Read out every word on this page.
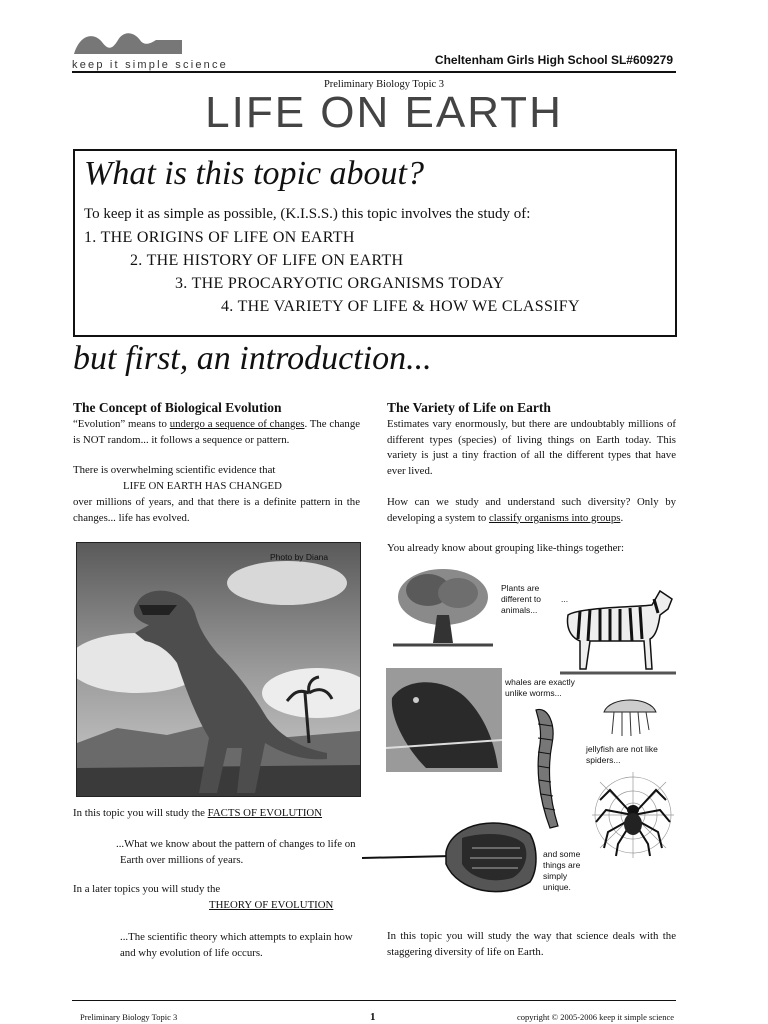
keep it simple science	Cheltenham Girls High School SL#609279
Preliminary Biology Topic 3
LIFE ON EARTH
What is this topic about?
To keep it as simple as possible, (K.I.S.S.) this topic involves the study of:
1. THE ORIGINS OF LIFE ON EARTH
2. THE HISTORY OF LIFE ON EARTH
3. THE PROCARYOTIC ORGANISMS TODAY
4. THE VARIETY OF LIFE & HOW WE CLASSIFY
but first, an introduction...
The Concept of Biological Evolution
“Evolution” means to undergo a sequence of changes. The change is NOT random... it follows a sequence or pattern.
There is overwhelming scientific evidence that
LIFE ON EARTH HAS CHANGED
over millions of years, and that there is a definite pattern in the changes... life has evolved.
Photo by Diana
In this topic you will study the FACTS OF EVOLUTION
...What we know about the pattern of changes to life on Earth over millions of years.
In a later topics you will study the
THEORY OF EVOLUTION
...The scientific theory which attempts to explain how and why evolution of life occurs.
The Variety of Life on Earth
Estimates vary enormously, but there are undoubtably millions of different types (species) of living things on Earth today. This variety is just a tiny fraction of all the different types that have ever lived.
How can we study and understand such diversity? Only by developing a system to classify organisms into groups.
You already know about grouping like-things together:
Plants are different to animals...
...
whales are exactly unlike worms...
jellyfish are not like spiders...
and some things are simply unique.
In this topic you will study the way that science deals with the staggering diversity of life on Earth.
Preliminary Biology Topic 3	1	copyright © 2005-2006 keep it simple science
